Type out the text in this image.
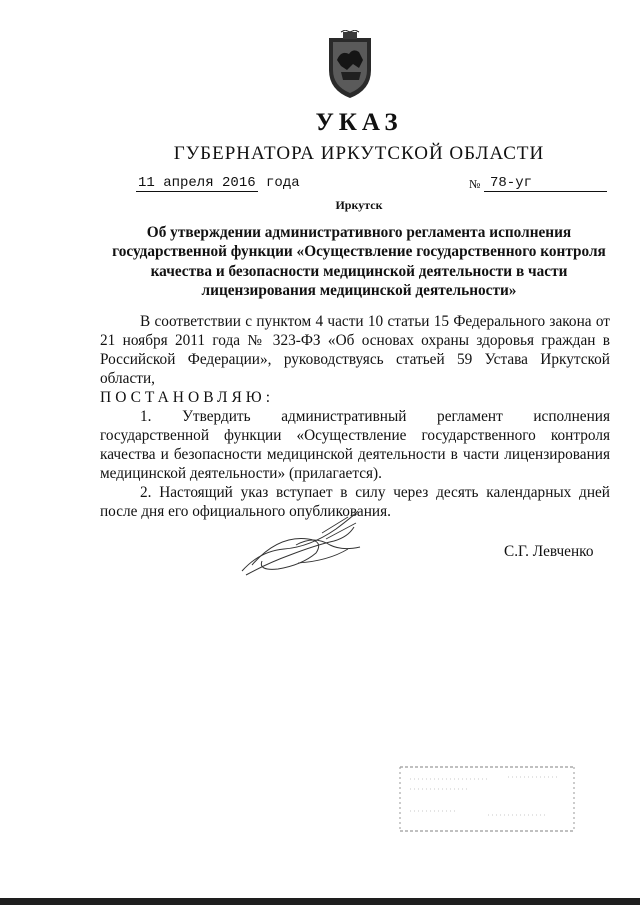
УКАЗ
ГУБЕРНАТОРА ИРКУТСКОЙ ОБЛАСТИ
11 апреля 2016 года	№ 78-уг
Иркутск
Об утверждении административного регламента исполнения государственной функции «Осуществление государственного контроля качества и безопасности медицинской деятельности в части лицензирования медицинской деятельности»

В соответствии с пунктом 4 части 10 статьи 15 Федерального закона от 21 ноября 2011 года № 323-ФЗ «Об основах охраны здоровья граждан в Российской Федерации», руководствуясь статьей 59 Устава Иркутской области,

ПОСТАНОВЛЯЮ:

1. Утвердить административный регламент исполнения государственной функции «Осуществление государственного контроля качества и безопасности медицинской деятельности в части лицензирования медицинской деятельности» (прилагается).

2. Настоящий указ вступает в силу через десять календарных дней после дня его официального опубликования.

С.Г. Левченко
